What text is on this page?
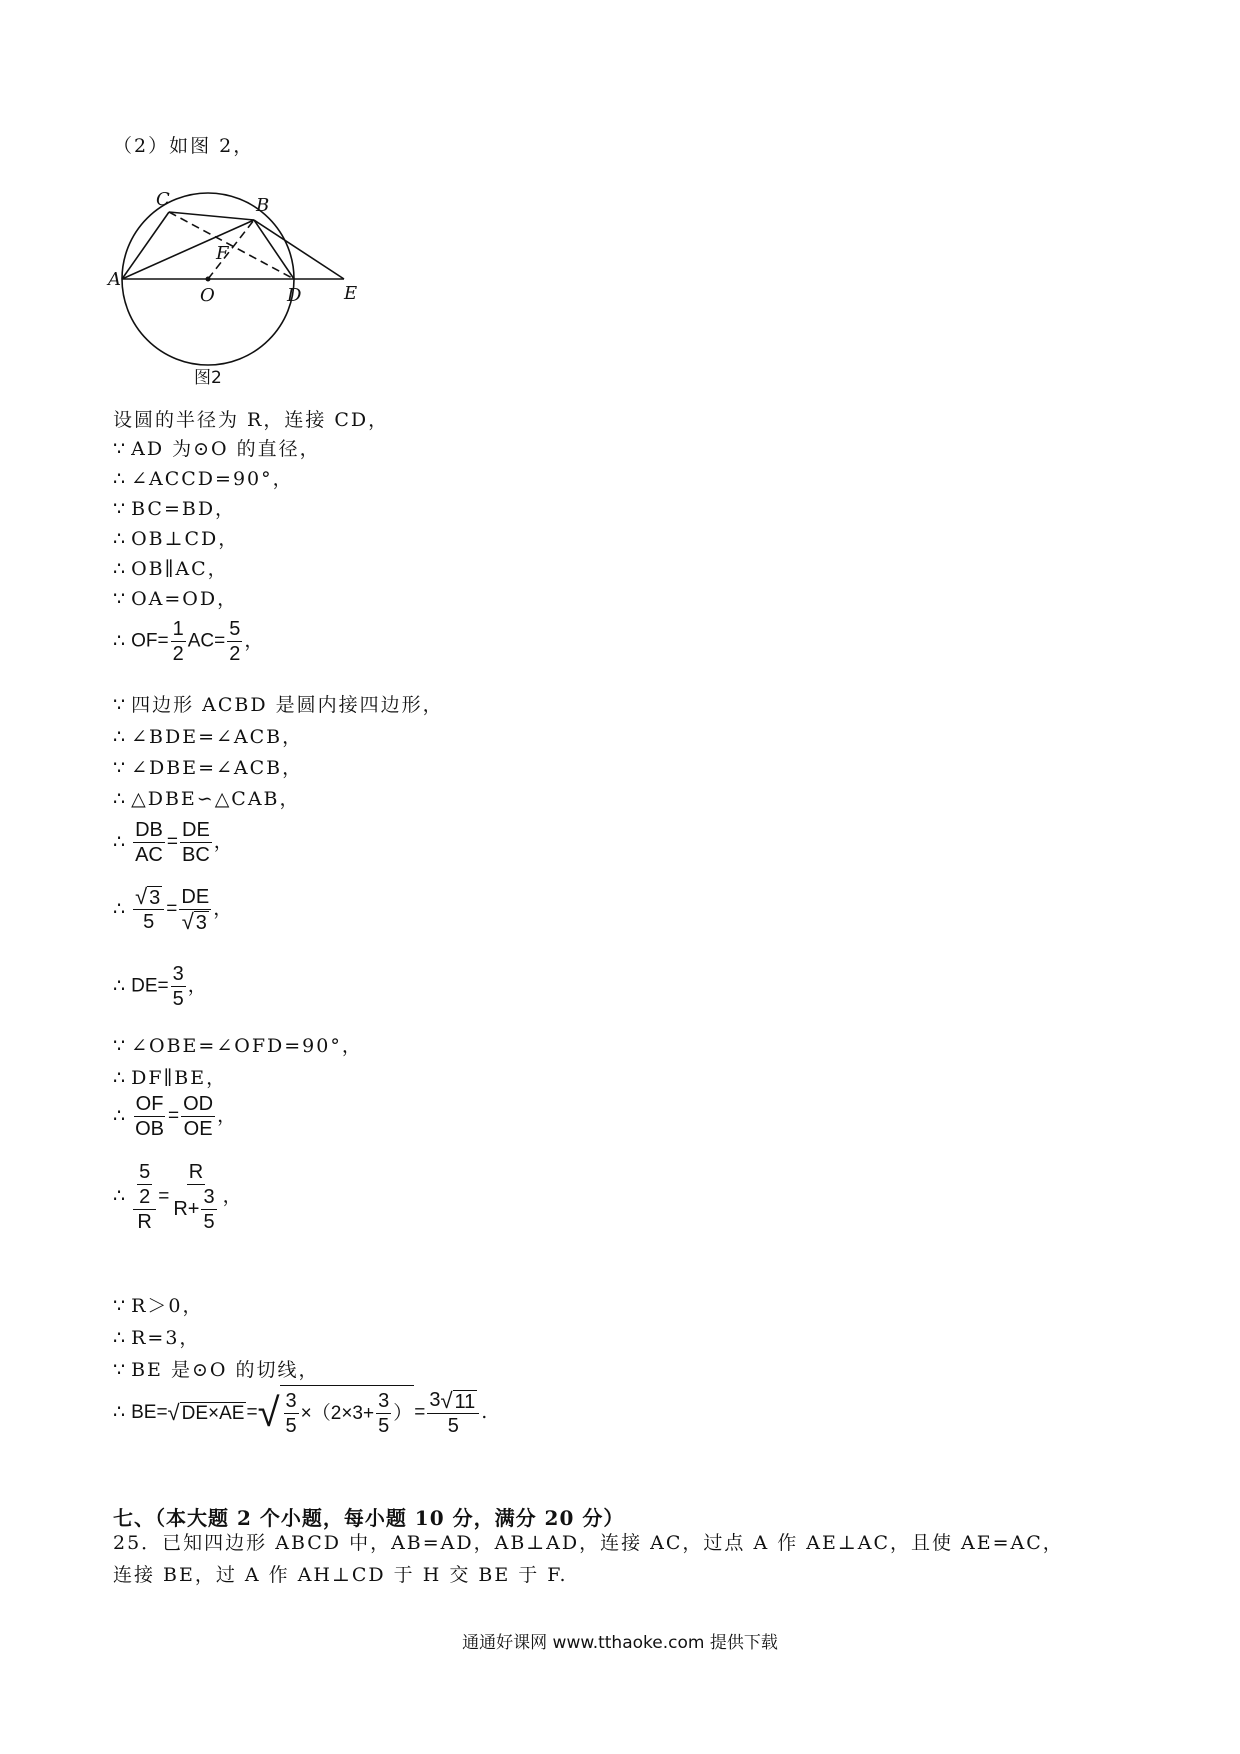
（2）如图 2，
A
C	B
F
O	D E
图2
设圆的半径为 R，连接 CD，
∵ AD 为⊙O 的直径，
∴ ∠ACCD=90°，
∵ BC=BD，
∴ OB⊥CD，
∴ OB∥AC，
∵ OA=OD，
∴ $OF= \frac{1}{2} AC= \frac{5}{2}$ ，
∵ 四边形 ACBD 是圆内接四边形，
∴ ∠BDE=∠ACB，
∵ ∠DBE=∠ACB，
∴ △DBE∽△CAB，
∴ $\frac{DB}{AC} = \frac{DE}{BC}$ ，
∴ $\frac{√ 3}{5} = \frac{DE}{√ 3}$ ，
∴ $DE= \frac{3}{5}$ ，
∵ ∠OBE=∠OFD=90°，
∴ DF∥BE，
∴ $\frac{OF}{OB} = \frac{OD}{OE}$ ，
∴ $\frac{\frac{5}{2}}{R} = \frac{R}{R+ \frac{3}{5}}$ ，
∵ R＞0，
∴ R=3，
∵ BE 是⊙O 的切线，
∴ BE= √ DE×AE = √ $\frac{3}{5} \times(2\times 3+ \frac{3}{5}$ ） = $\frac{3 √ 11}{5}$ .
七、（本大题 2 个小题，每小题 10 分，满分 20 分）
25．已知四边形 ABCD 中，AB=AD，AB⊥AD，连接 AC，过点 A 作 AE⊥AC，且使 AE=AC，
连接 BE，过 A 作 AH⊥CD 于 H 交 BE 于 F.
通通好课网 www.tthaoke.com 提供下载
